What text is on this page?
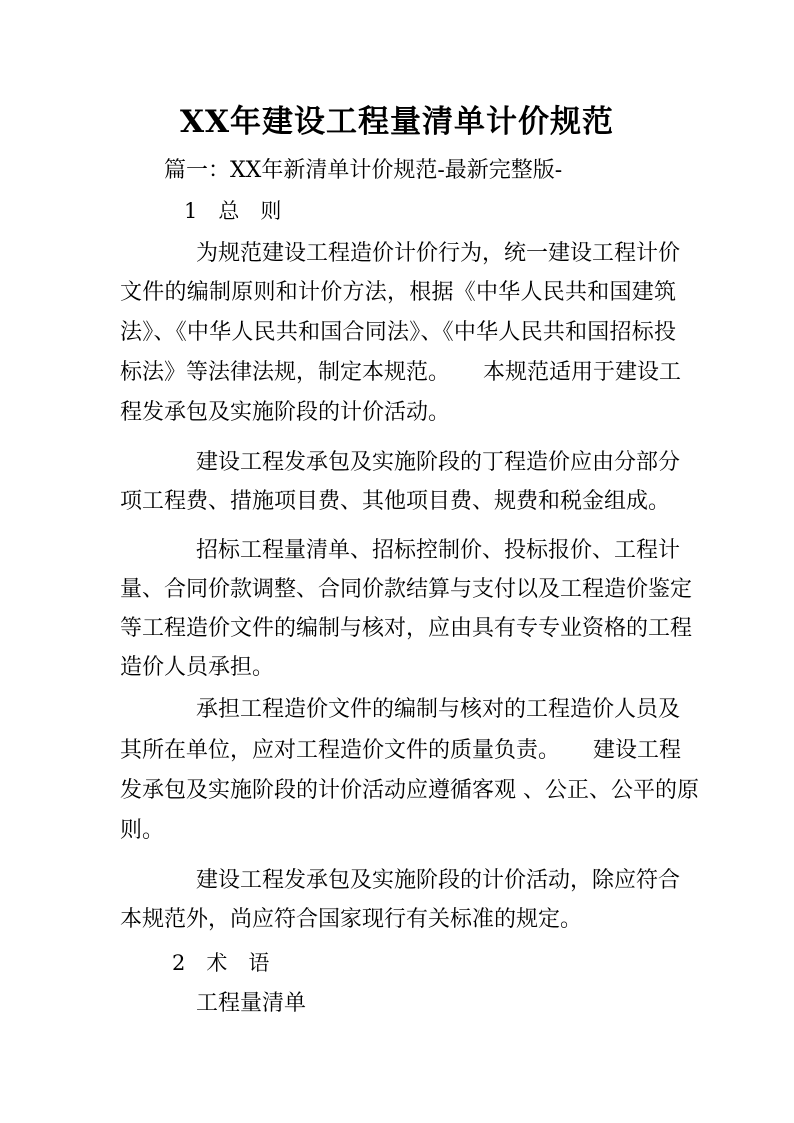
XX年建设工程量清单计价规范
篇一：XX年新清单计价规范-最新完整版-
1　总　则
为规范建设工程造价计价行为，统一建设工程计价
文件的编制原则和计价方法，根据《中华人民共和国建筑
法》、《中华人民共和国合同法》、《中华人民共和国招标投
标法》等法律法规，制定本规范。　　本规范适用于建设工
程发承包及实施阶段的计价活动。
建设工程发承包及实施阶段的丁程造价应由分部分
项工程费、措施项目费、其他项目费、规费和税金组成。
招标工程量清单、招标控制价、投标报价、工程计
量、合同价款调整、合同价款结算与支付以及工程造价鉴定
等工程造价文件的编制与核对，应由具有专专业资格的工程
造价人员承担。
承担工程造价文件的编制与核对的工程造价人员及
其所在单位，应对工程造价文件的质量负责。　　建设工程
发承包及实施阶段的计价活动应遵循客观 、公正、公平的原
则。
建设工程发承包及实施阶段的计价活动，除应符合
本规范外，尚应符合国家现行有关标准的规定。
2　术　语
工程量清单
